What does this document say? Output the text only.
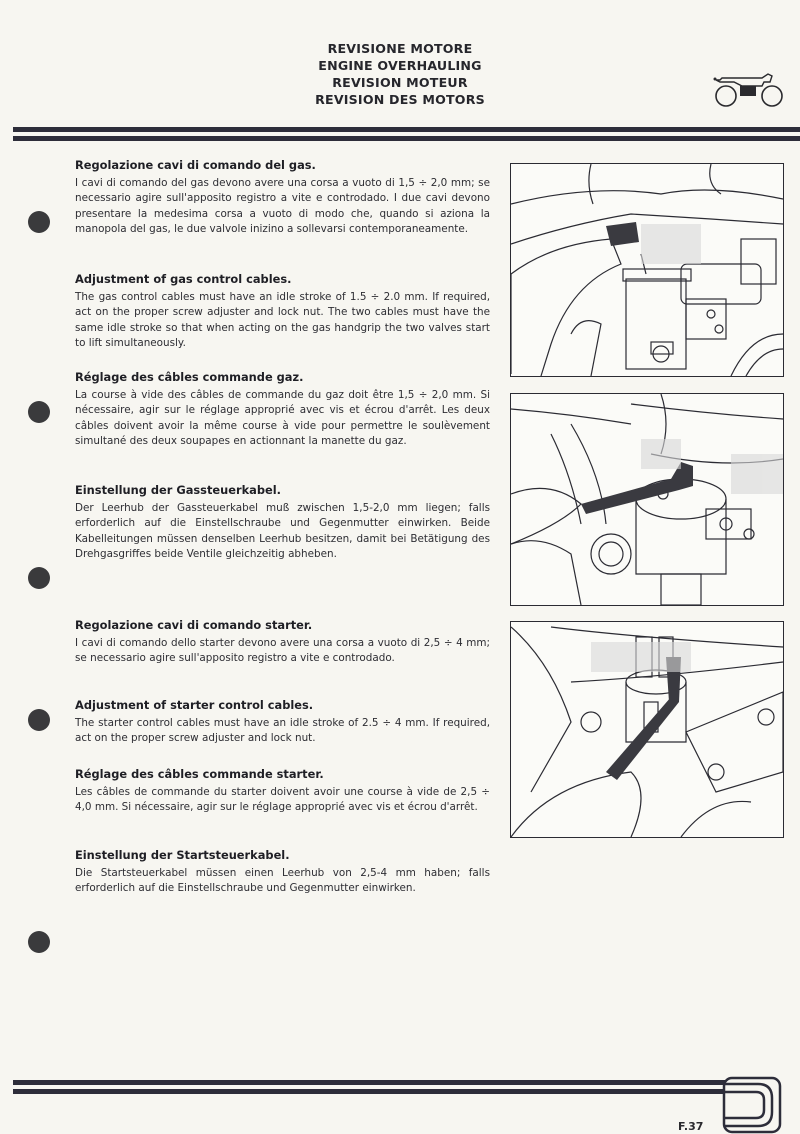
REVISIONE MOTORE
ENGINE OVERHAULING
REVISION MOTEUR
REVISION DES MOTORS
Regolazione cavi di comando del gas.

I cavi di comando del gas devono avere una corsa a vuoto di 1,5 ÷ 2,0 mm; se necessario agire sull'apposito registro a vite e controdado. I due cavi devono presentare la medesima corsa a vuoto di modo che, quando si aziona la manopola del gas, le due valvole inizino a sollevarsi contemporaneamente.

Adjustment of gas control cables.

The gas control cables must have an idle stroke of 1.5 ÷ 2.0 mm. If required, act on the proper screw adjuster and lock nut. The two cables must have the same idle stroke so that when acting on the gas handgrip the two valves start to lift simultaneously.

Réglage des câbles commande gaz.

La course à vide des câbles de commande du gaz doit être 1,5 ÷ 2,0 mm. Si nécessaire, agir sur le réglage approprié avec vis et écrou d'arrêt. Les deux câbles doivent avoir la même course à vide pour permettre le soulèvement simultané des deux soupapes en actionnant la manette du gaz.

Einstellung der Gassteuerkabel.

Der Leerhub der Gassteuerkabel muß zwischen 1,5-2,0 mm liegen; falls erforderlich auf die Einstellschraube und Gegenmutter einwirken. Beide Kabelleitungen müssen denselben Leerhub besitzen, damit bei Betätigung des Drehgasgriffes beide Ventile gleichzeitig abheben.

Regolazione cavi di comando starter.

I cavi di comando dello starter devono avere una corsa a vuoto di 2,5 ÷ 4 mm; se necessario agire sull'apposito registro a vite e controdado.

Adjustment of starter control cables.

The starter control cables must have an idle stroke of 2.5 ÷ 4 mm. If required, act on the proper screw adjuster and lock nut.

Réglage des câbles commande starter.

Les câbles de commande du starter doivent avoir une course à vide de 2,5 ÷ 4,0 mm. Si nécessaire, agir sur le réglage approprié avec vis et écrou d'arrêt.

Einstellung der Startsteuerkabel.

Die Startsteuerkabel müssen einen Leerhub von 2,5-4 mm haben; falls erforderlich auf die Einstellschraube und Gegenmutter einwirken.

F.37
